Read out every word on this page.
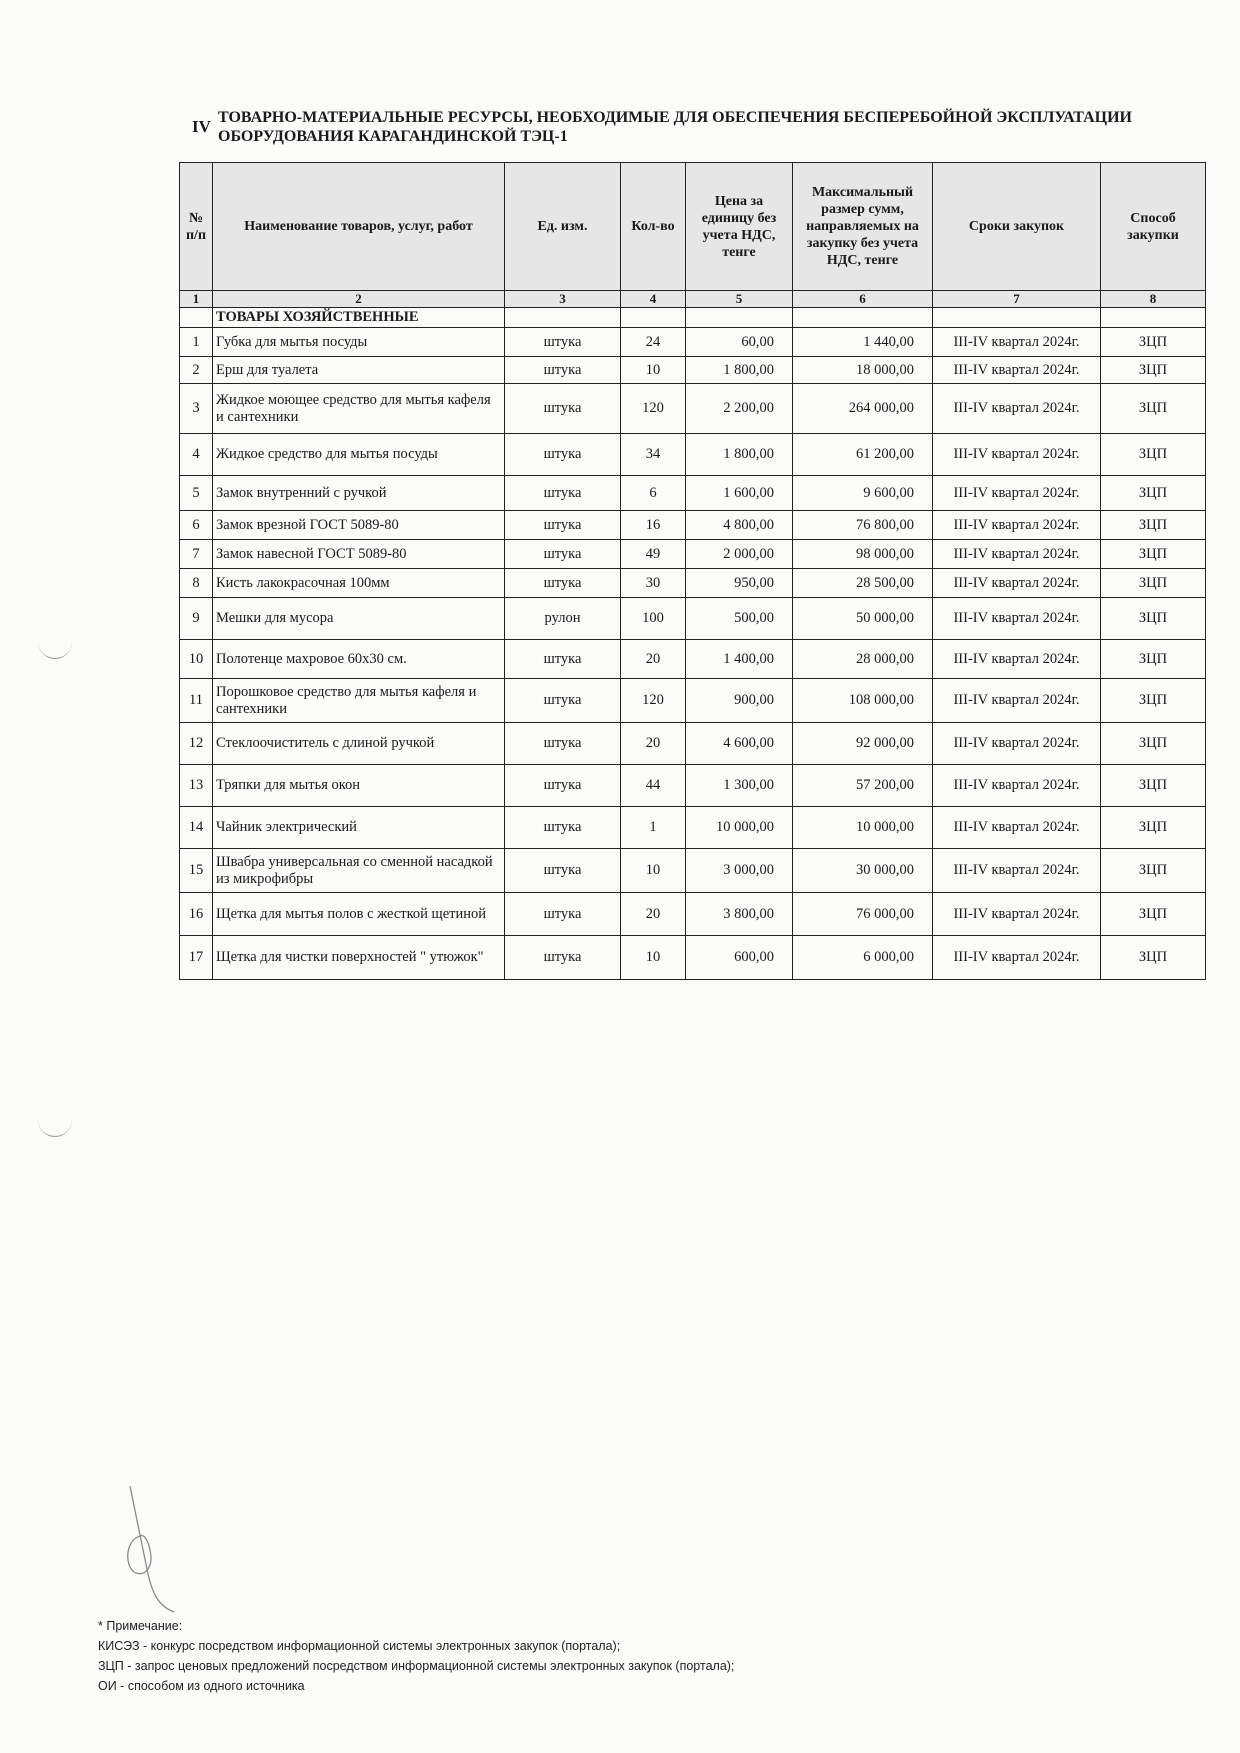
IV ТОВАРНО-МАТЕРИАЛЬНЫЕ РЕСУРСЫ, НЕОБХОДИМЫЕ ДЛЯ ОБЕСПЕЧЕНИЯ БЕСПЕРЕБОЙНОЙ ЭКСПЛУАТАЦИИ ОБОРУДОВАНИЯ КАРАГАНДИНСКОЙ ТЭЦ-1
№ п/п	Наименование товаров, услуг, работ	Ед. изм.	Кол-во	Цена за единицу без учета НДС, тенге	Максимальный размер сумм, направляемых на закупку без учета НДС, тенге	Сроки закупок	Способ закупки
1	2	3	4	5	6	7	8
	ТОВАРЫ ХОЗЯЙСТВЕННЫЕ						
1	Губка для мытья посуды	штука	24	60,00	1 440,00	III-IV квартал 2024г.	ЗЦП
2	Ерш для туалета	штука	10	1 800,00	18 000,00	III-IV квартал 2024г.	ЗЦП
3	Жидкое моющее средство для мытья кафеля и сантехники	штука	120	2 200,00	264 000,00	III-IV квартал 2024г.	ЗЦП
4	Жидкое средство для мытья посуды	штука	34	1 800,00	61 200,00	III-IV квартал 2024г.	ЗЦП
5	Замок внутренний с ручкой	штука	6	1 600,00	9 600,00	III-IV квартал 2024г.	ЗЦП
6	Замок врезной ГОСТ 5089-80	штука	16	4 800,00	76 800,00	III-IV квартал 2024г.	ЗЦП
7	Замок навесной ГОСТ 5089-80	штука	49	2 000,00	98 000,00	III-IV квартал 2024г.	ЗЦП
8	Кисть лакокрасочная 100мм	штука	30	950,00	28 500,00	III-IV квартал 2024г.	ЗЦП
9	Мешки для мусора	рулон	100	500,00	50 000,00	III-IV квартал 2024г.	ЗЦП
10	Полотенце махровое 60х30 см.	штука	20	1 400,00	28 000,00	III-IV квартал 2024г.	ЗЦП
11	Порошковое средство для мытья кафеля и сантехники	штука	120	900,00	108 000,00	III-IV квартал 2024г.	ЗЦП
12	Стеклоочиститель с длиной ручкой	штука	20	4 600,00	92 000,00	III-IV квартал 2024г.	ЗЦП
13	Тряпки для мытья окон	штука	44	1 300,00	57 200,00	III-IV квартал 2024г.	ЗЦП
14	Чайник электрический	штука	1	10 000,00	10 000,00	III-IV квартал 2024г.	ЗЦП
15	Швабра универсальная со сменной насадкой из микрофибры	штука	10	3 000,00	30 000,00	III-IV квартал 2024г.	ЗЦП
16	Щетка для мытья полов с жесткой щетиной	штука	20	3 800,00	76 000,00	III-IV квартал 2024г.	ЗЦП
17	Щетка для чистки поверхностей " утюжок"	штука	10	600,00	6 000,00	III-IV квартал 2024г.	ЗЦП
* Примечание:
КИСЭЗ - конкурс посредством информационной системы электронных закупок (портала);
ЗЦП - запрос ценовых предложений посредством информационной системы электронных закупок (портала);
ОИ - способом из одного источника
